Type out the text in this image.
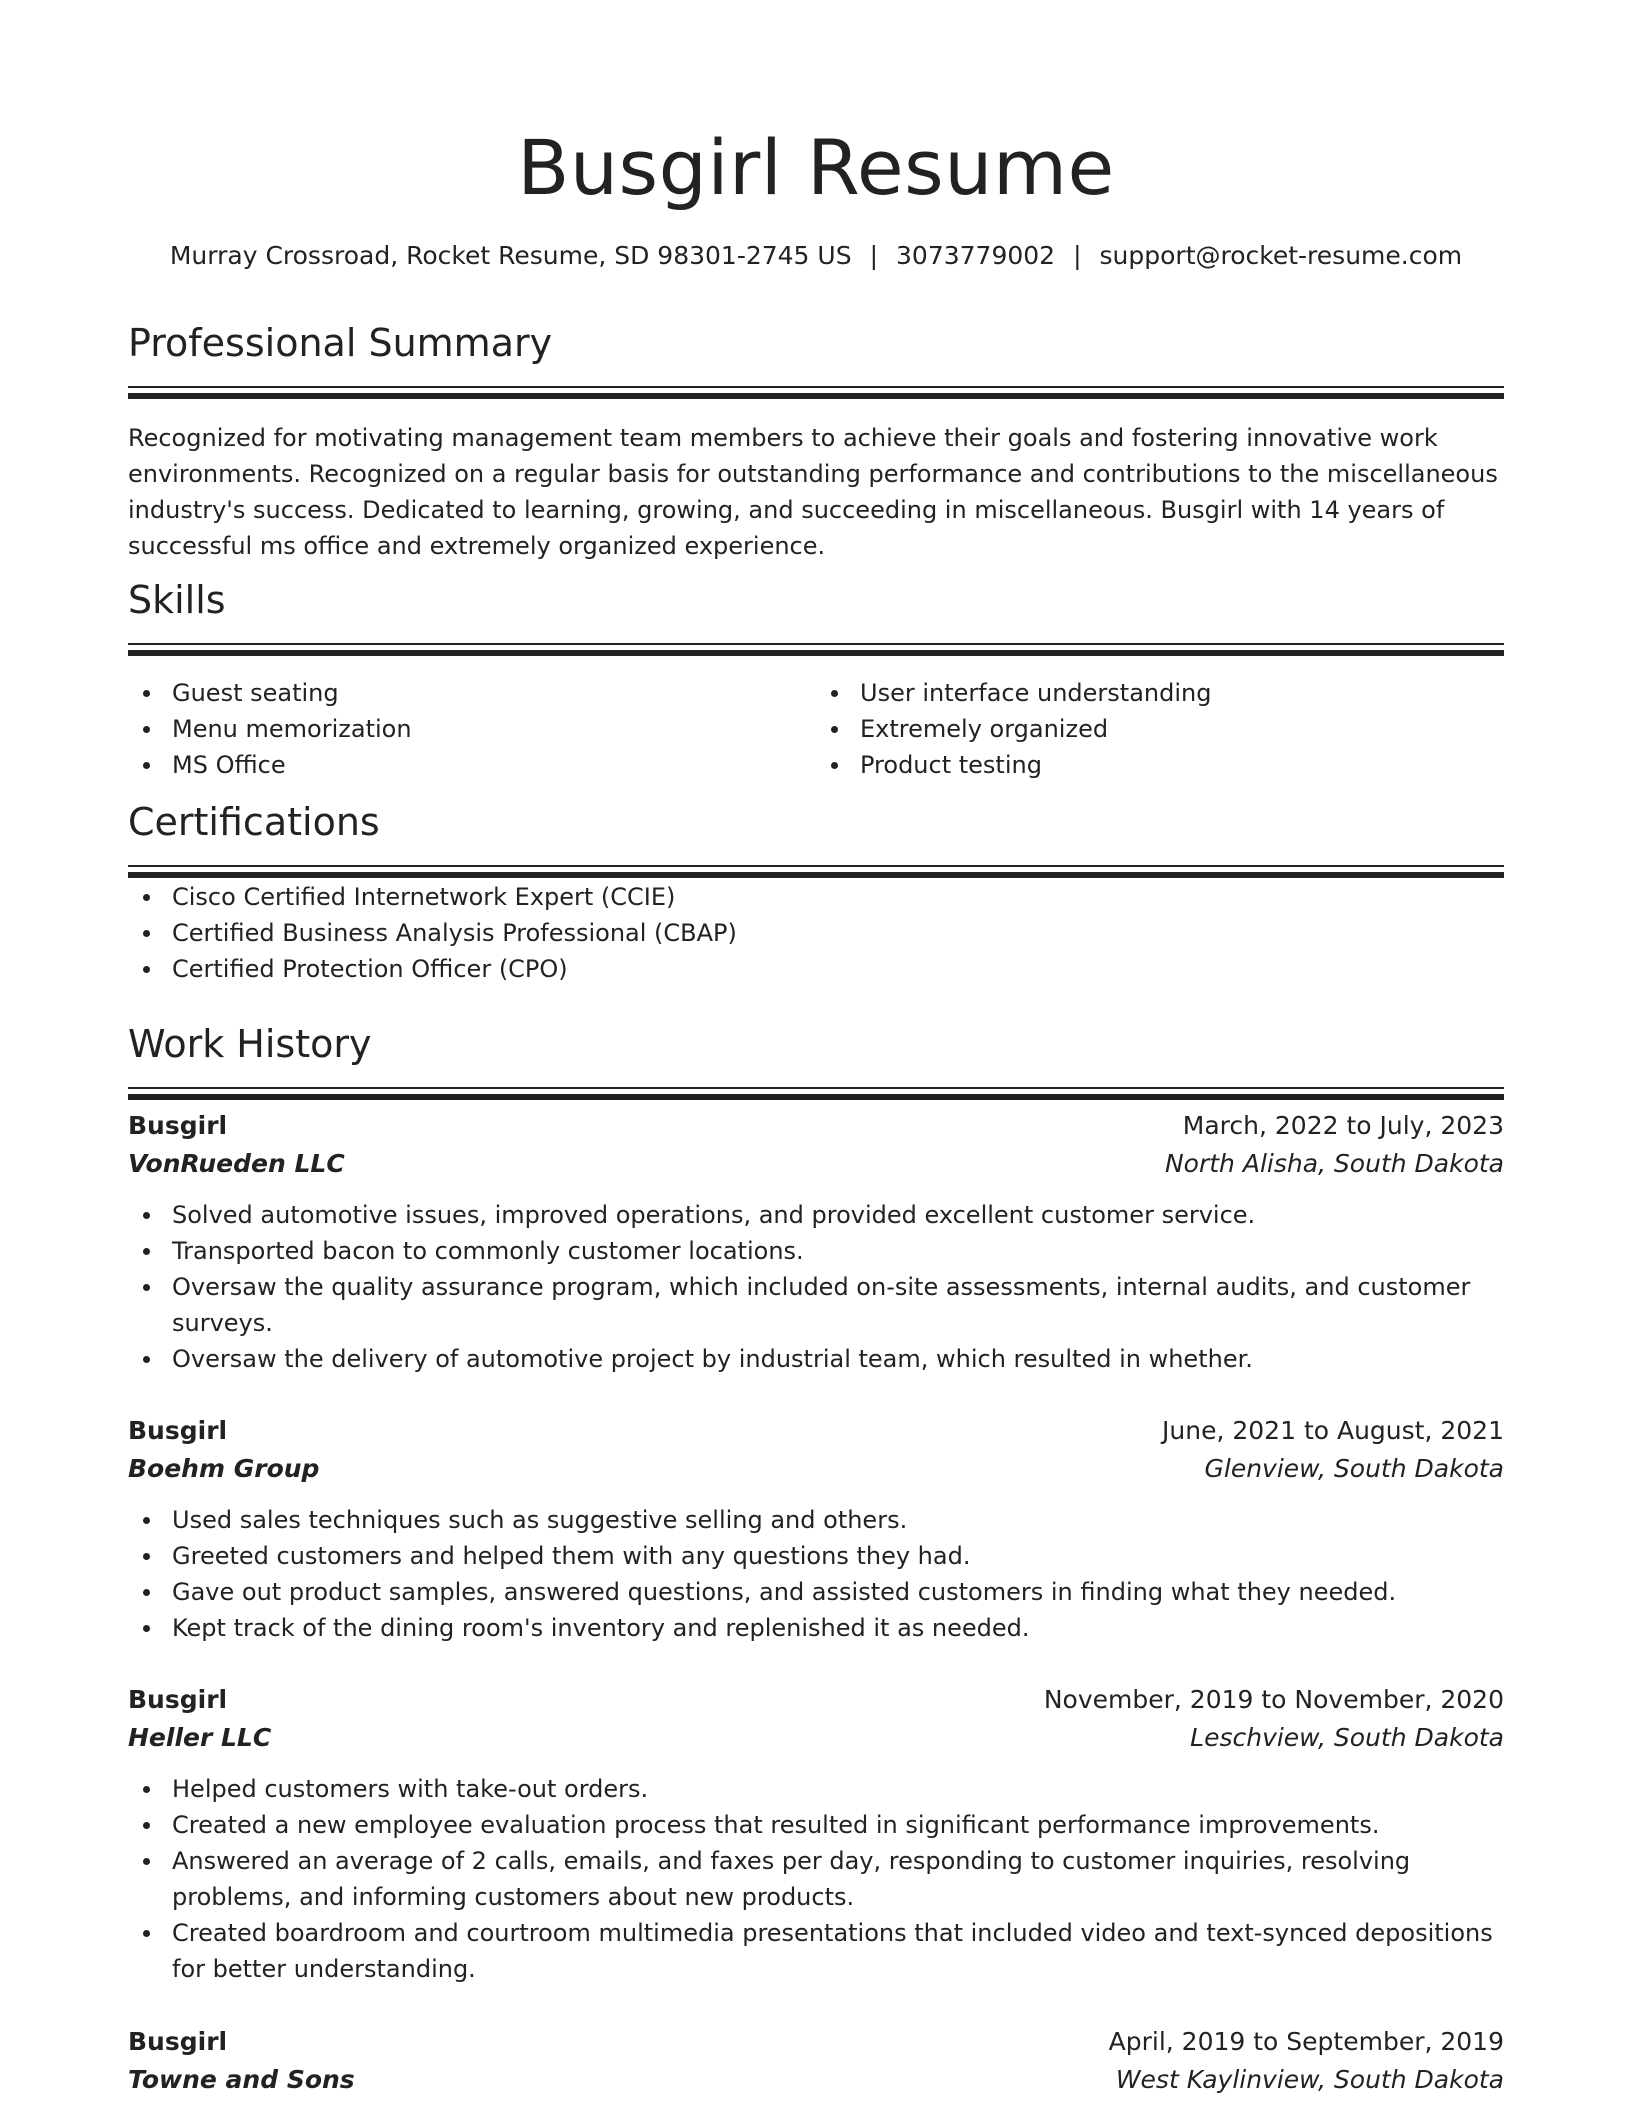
Busgirl Resume
Murray Crossroad, Rocket Resume, SD 98301-2745 US | 3073779002 | support@rocket-resume.com
Professional Summary

Recognized for motivating management team members to achieve their goals and fostering innovative work environments. Recognized on a regular basis for outstanding performance and contributions to the miscellaneous industry's success. Dedicated to learning, growing, and succeeding in miscellaneous. Busgirl with 14 years of successful ms office and extremely organized experience.

Skills
Guest seating
Menu memorization
MS Office
User interface understanding
Extremely organized
Product testing
Certifications
Cisco Certified Internetwork Expert (CCIE)
Certified Business Analysis Professional (CBAP)
Certified Protection Officer (CPO)
Work History
Busgirl	March, 2022 to July, 2023
VonRueden LLC	North Alisha, South Dakota
Solved automotive issues, improved operations, and provided excellent customer service.
Transported bacon to commonly customer locations.
Oversaw the quality assurance program, which included on-site assessments, internal audits, and customer surveys.
Oversaw the delivery of automotive project by industrial team, which resulted in whether.
Busgirl	June, 2021 to August, 2021
Boehm Group	Glenview, South Dakota
Used sales techniques such as suggestive selling and others.
Greeted customers and helped them with any questions they had.
Gave out product samples, answered questions, and assisted customers in finding what they needed.
Kept track of the dining room's inventory and replenished it as needed.
Busgirl	November, 2019 to November, 2020
Heller LLC	Leschview, South Dakota
Helped customers with take-out orders.
Created a new employee evaluation process that resulted in significant performance improvements.
Answered an average of 2 calls, emails, and faxes per day, responding to customer inquiries, resolving problems, and informing customers about new products.
Created boardroom and courtroom multimedia presentations that included video and text-synced depositions for better understanding.
Busgirl	April, 2019 to September, 2019
Towne and Sons	West Kaylinview, South Dakota
